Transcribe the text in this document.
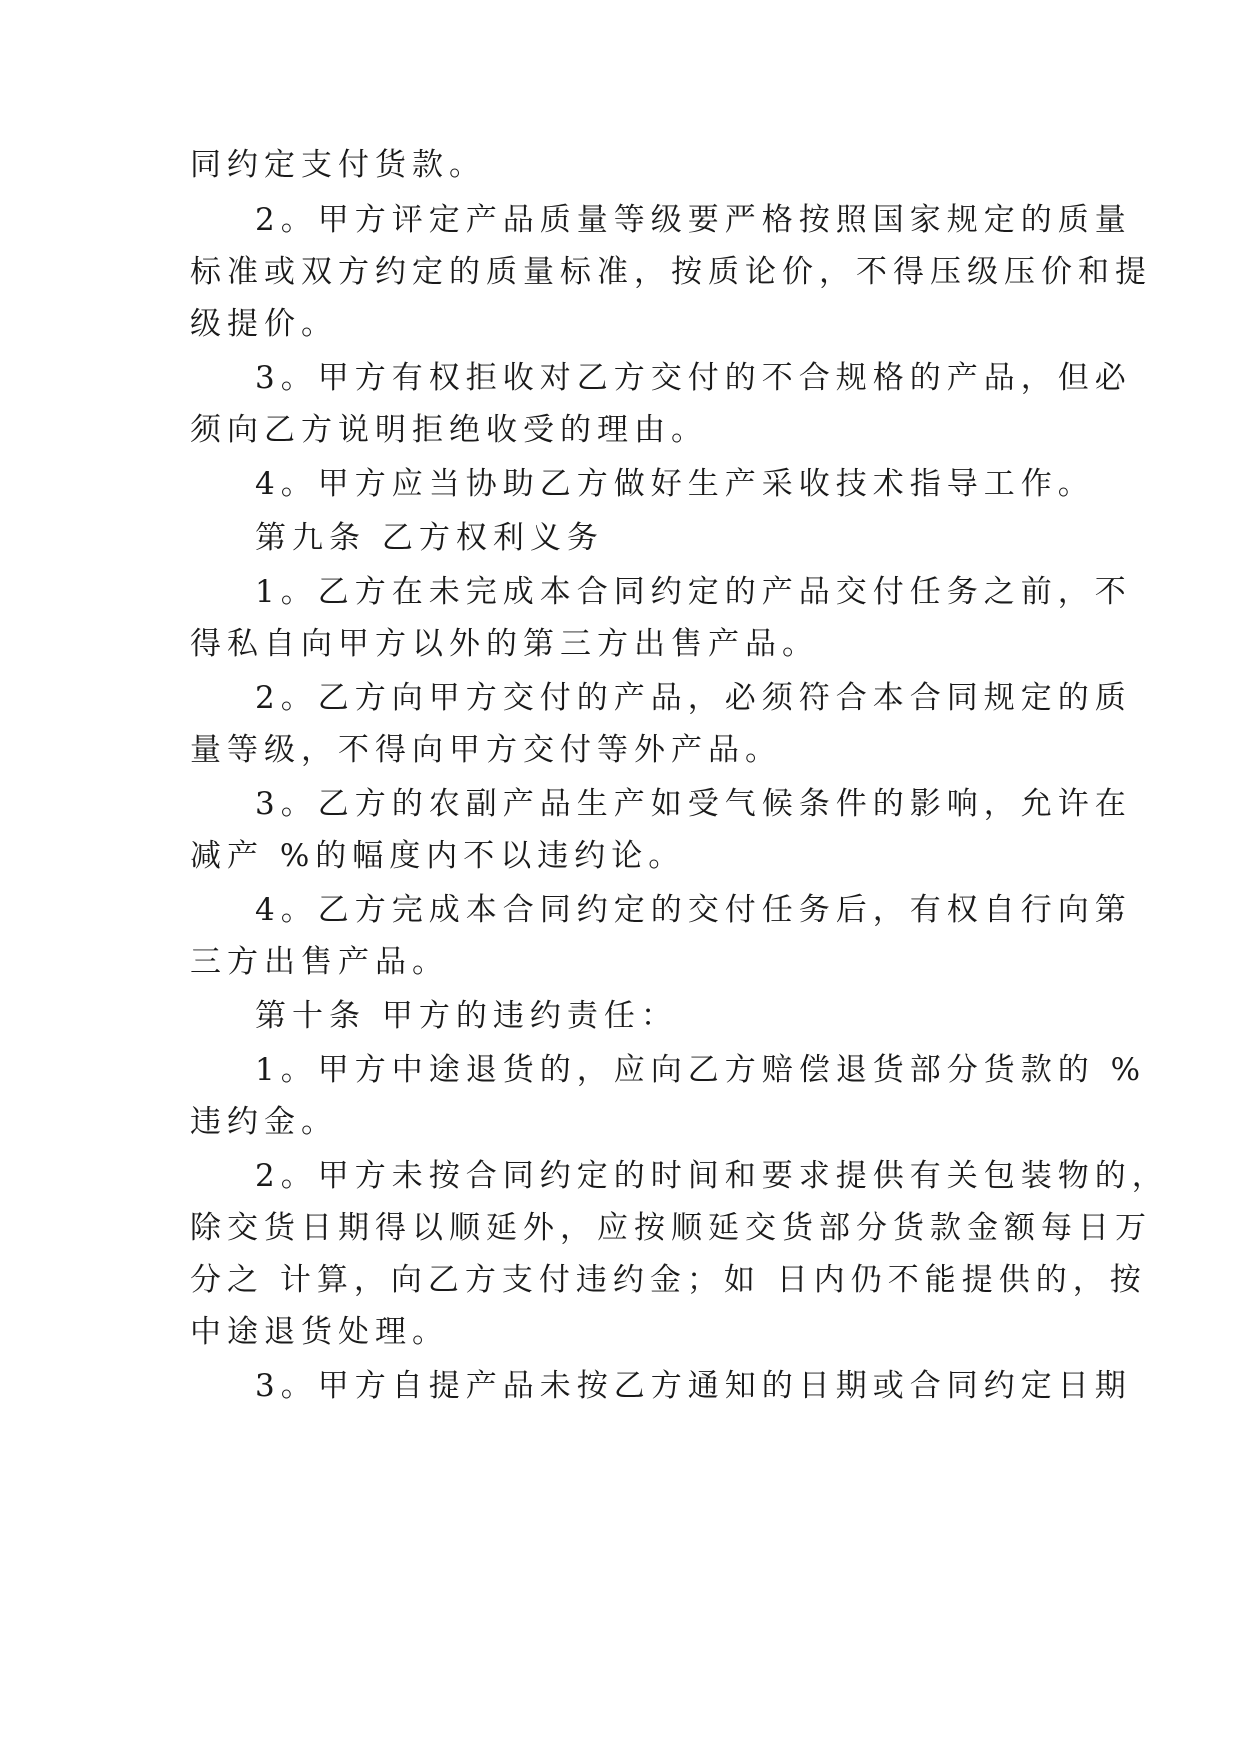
同约定支付货款。
2。甲方评定产品质量等级要严格按照国家规定的质量
标准或双方约定的质量标准，按质论价，不得压级压价和提
级提价。
3。甲方有权拒收对乙方交付的不合规格的产品，但必
须向乙方说明拒绝收受的理由。
4。甲方应当协助乙方做好生产采收技术指导工作。
第九条 乙方权利义务
1。乙方在未完成本合同约定的产品交付任务之前，不
得私自向甲方以外的第三方出售产品。
2。乙方向甲方交付的产品，必须符合本合同规定的质
量等级，不得向甲方交付等外产品。
3。乙方的农副产品生产如受气候条件的影响，允许在
减产 %的幅度内不以违约论。
4。乙方完成本合同约定的交付任务后，有权自行向第
三方出售产品。
第十条 甲方的违约责任：
1。甲方中途退货的，应向乙方赔偿退货部分货款的 %
违约金。
2。甲方未按合同约定的时间和要求提供有关包装物的，
除交货日期得以顺延外，应按顺延交货部分货款金额每日万
分之 计算，向乙方支付违约金；如 日内仍不能提供的，按
中途退货处理。
3。甲方自提产品未按乙方通知的日期或合同约定日期
